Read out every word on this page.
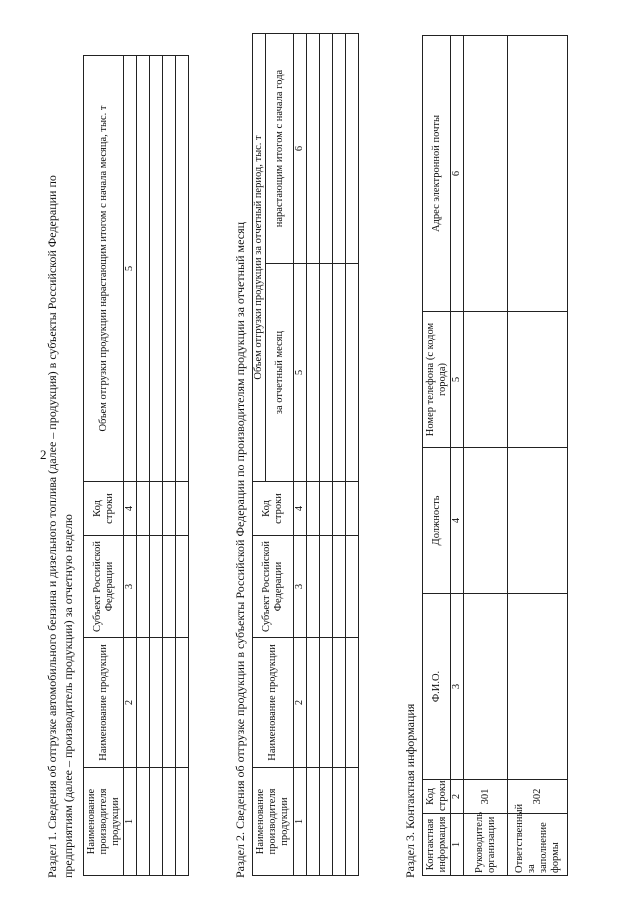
2
Раздел 1. Сведения об отгрузке автомобильного бензина и дизельного топлива (далее – продукция) в субъекты Российской Федерации по предприятиям (далее – производитель продукции) за отчетную неделю Наименование производителя продукции	Наименование продукции	Субъект Российской Федерации	Код строки	Объем отгрузки продукции нарастающим итогом с начала месяца, тыс. т
1	2	3	4	5

					Раздел 2. Сведения об отгрузке продукции в субъекты Российской Федерации по производителям продукции за отчетный месяц Наименование производителя продукции	Наименование продукции	Субъект Российской Федерации	Код строки	Объем отгрузки продукции за отчетный период, тыс. т	
				за отчетный месяц	нарастающим итогом с начала года
1	2	3	4	5	6

Раздел 3. Контактная информация Контактная информация	Код строки	Ф.И.О.	Должность	Номер телефона (с кодом города)	Адрес электронной почты
1	2	3	4	5	6
Руководитель организации	301				
Ответственный за заполнение формы	302				
